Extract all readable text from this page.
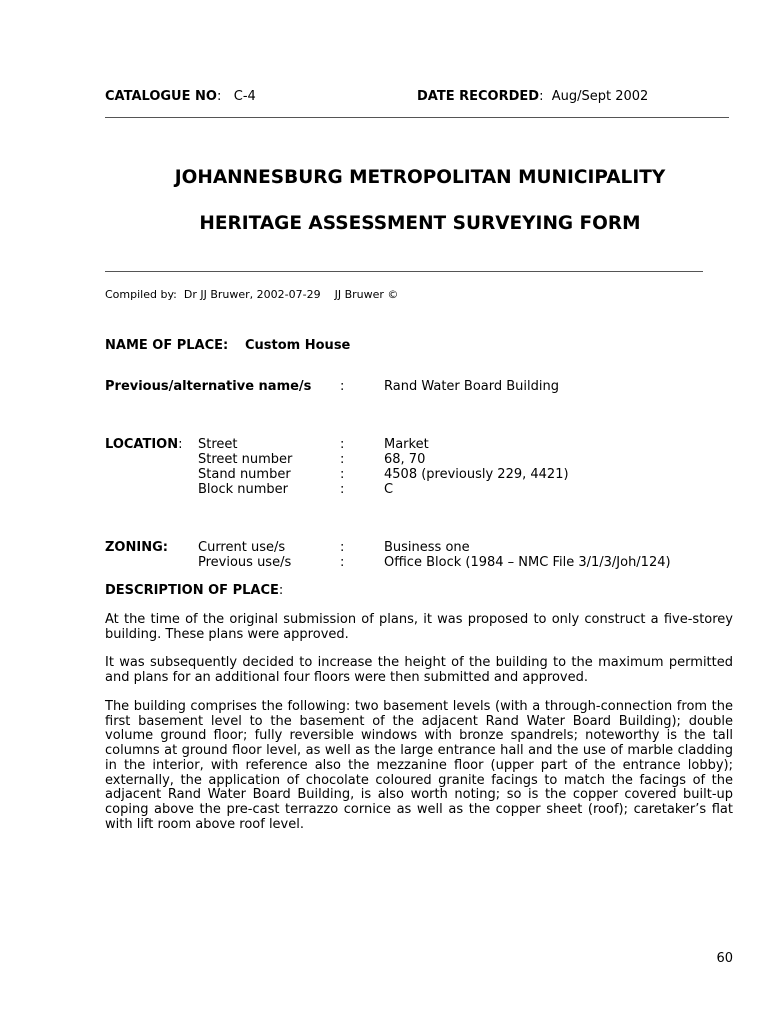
CATALOGUE NO: C-4	DATE RECORDED: Aug/Sept 2002
JOHANNESBURG METROPOLITAN MUNICIPALITY
HERITAGE ASSESSMENT SURVEYING FORM
Compiled by: Dr JJ Bruwer, 2002-07-29 JJ Bruwer ©
NAME OF PLACE: Custom House
Previous/alternative name/s :	Rand Water Board Building
LOCATION: Street
Street number
Stand number
Block number
:
:
:
:
Market
68, 70
4508 (previously 229, 4421)
C
ZONING: Current use/s
Previous use/s
:
:
Business one
Office Block (1984 – NMC File 3/1/3/Joh/124)
DESCRIPTION OF PLACE:

At the time of the original submission of plans, it was proposed to only construct a five-storey building. These plans were approved.

It was subsequently decided to increase the height of the building to the maximum permitted and plans for an additional four floors were then submitted and approved.

The building comprises the following: two basement levels (with a through-connection from the first basement level to the basement of the adjacent Rand Water Board Building); double volume ground floor; fully reversible windows with bronze spandrels; noteworthy is the tall columns at ground floor level, as well as the large entrance hall and the use of marble cladding in the interior, with reference also the mezzanine floor (upper part of the entrance lobby); externally, the application of chocolate coloured granite facings to match the facings of the adjacent Rand Water Board Building, is also worth noting; so is the copper covered built-up coping above the pre-cast terrazzo cornice as well as the copper sheet (roof); caretaker’s flat with lift room above roof level.

60
